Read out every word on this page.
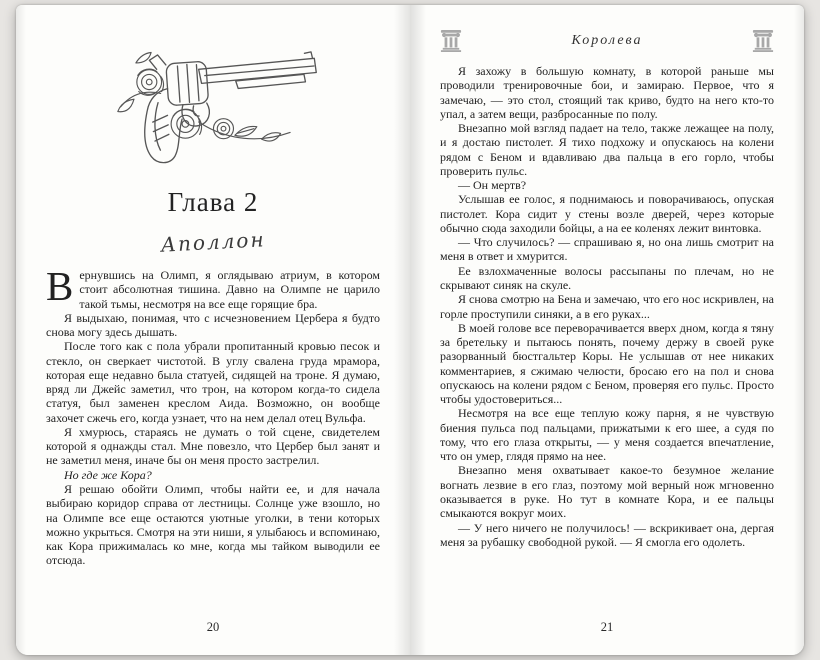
Глава 2
Аполлон

Вернувшись на Олимп, я оглядываю атриум, в котором стоит абсолютная тишина. Давно на Олимпе не царило такой тьмы, несмотря на все еще горящие бра.

Я выдыхаю, понимая, что с исчезновением Цербера я будто снова могу здесь дышать.

После того как с пола убрали пропитанный кровью песок и стекло, он сверкает чистотой. В углу свалена груда мрамора, которая еще недавно была статуей, сидящей на троне. Я думаю, вряд ли Джейс заметил, что трон, на котором когда-то сидела статуя, был заменен креслом Аида. Возможно, он вообще захочет сжечь его, когда узнает, что на нем делал отец Вульфа.

Я хмурюсь, стараясь не думать о той сцене, свидетелем которой я однажды стал. Мне повезло, что Цербер был занят и не заметил меня, иначе бы он меня просто застрелил.

Но где же Кора?

Я решаю обойти Олимп, чтобы найти ее, и для начала выбираю коридор справа от лестницы. Солнце уже взошло, но на Олимпе все еще остаются уютные уголки, в тени которых можно укрыться. Смотря на эти ниши, я улыбаюсь и вспоминаю, как Кора прижималась ко мне, когда мы тайком выводили ее отсюда.

20
Королева

Я захожу в большую комнату, в которой раньше мы проводили тренировочные бои, и замираю. Первое, что я замечаю, — это стол, стоящий так криво, будто на него кто-то упал, а затем вещи, разбросанные по полу.

Внезапно мой взгляд падает на тело, также лежащее на полу, и я достаю пистолет. Я тихо подхожу и опускаюсь на колени рядом с Беном и вдавливаю два пальца в его горло, чтобы проверить пульс.

— Он мертв?

Услышав ее голос, я поднимаюсь и поворачиваюсь, опуская пистолет. Кора сидит у стены возле дверей, через которые обычно сюда заходили бойцы, а на ее коленях лежит винтовка.

— Что случилось? — спрашиваю я, но она лишь смотрит на меня в ответ и хмурится.

Ее взлохмаченные волосы рассыпаны по плечам, но не скрывают синяк на скуле.

Я снова смотрю на Бена и замечаю, что его нос искривлен, на горле проступили синяки, а в его руках...

В моей голове все переворачивается вверх дном, когда я тяну за бретельку и пытаюсь понять, почему держу в своей руке разорванный бюстгальтер Коры. Не услышав от нее никаких комментариев, я сжимаю челюсти, бросаю его на пол и снова опускаюсь на колени рядом с Беном, проверяя его пульс. Просто чтобы удостовериться...

Несмотря на все еще теплую кожу парня, я не чувствую биения пульса под пальцами, прижатыми к его шее, а судя по тому, что его глаза открыты, — у меня создается впечатление, что он умер, глядя прямо на нее.

Внезапно меня охватывает какое-то безумное желание вогнать лезвие в его глаз, поэтому мой верный нож мгновенно оказывается в руке. Но тут в комнате Кора, и ее пальцы смыкаются вокруг моих.

— У него ничего не получилось! — вскрикивает она, дергая меня за рубашку свободной рукой. — Я смогла его одолеть.

21
